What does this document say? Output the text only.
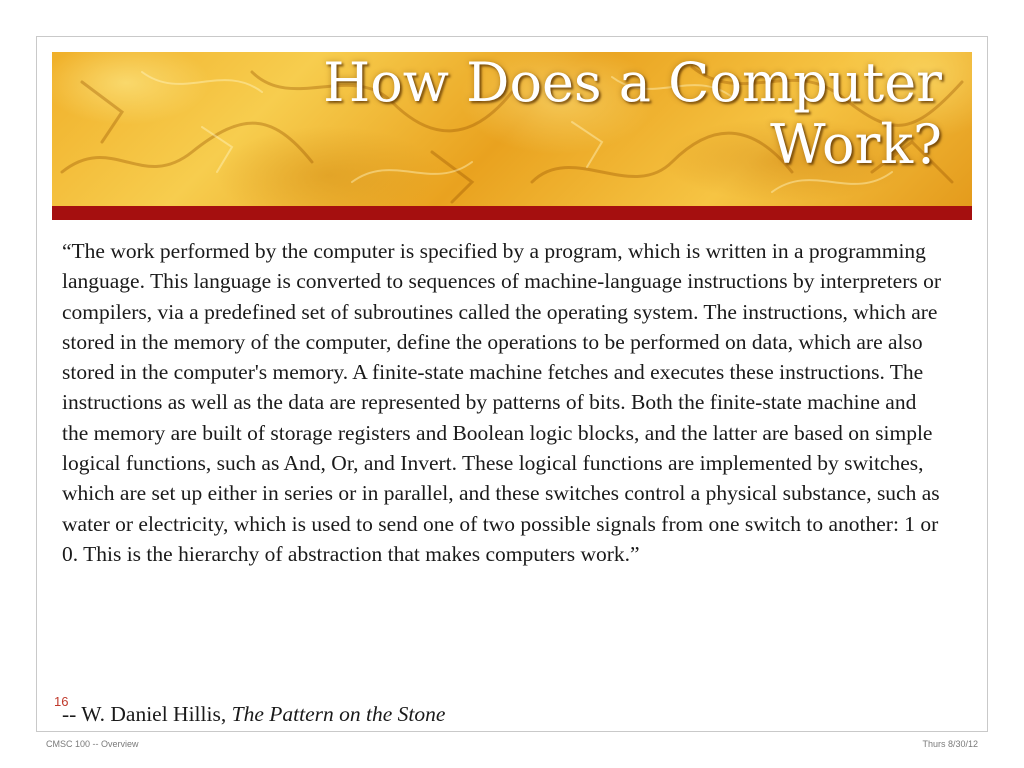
How Does a Computer
Work?

“The work performed by the computer is specified by a program, which is written in a programming language. This language is converted to sequences of machine-language instructions by interpreters or compilers, via a predefined set of subroutines called the operating system. The instructions, which are stored in the memory of the computer, define the operations to be performed on data, which are also stored in the computer's memory. A finite-state machine fetches and executes these instructions. The instructions as well as the data are represented by patterns of bits. Both the finite-state machine and the memory are built of storage registers and Boolean logic blocks, and the latter are based on simple logical functions, such as And, Or, and Invert. These logical functions are implemented by switches, which are set up either in series or in parallel, and these switches control a physical substance, such as water or electricity, which is used to send one of two possible signals from one switch to another: 1 or 0. This is the hierarchy of abstraction that makes computers work.”

16

-- W. Daniel Hillis, The Pattern on the Stone

CMSC 100 -- Overview	Thurs 8/30/12
